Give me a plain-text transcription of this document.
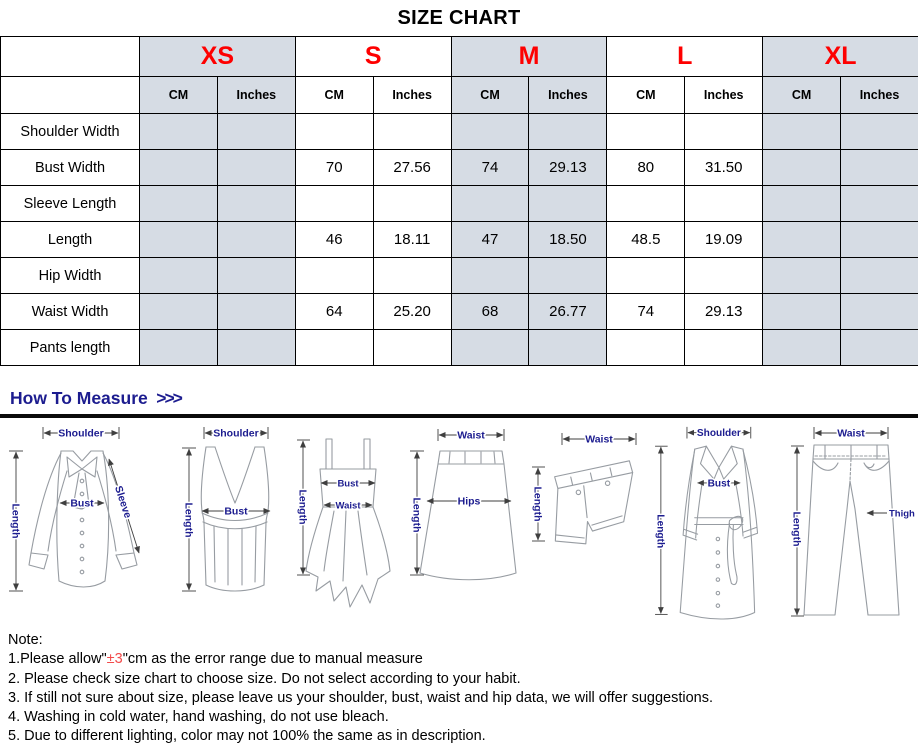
SIZE CHART
	XS		S		M		L		XL	
	CM	Inches	CM	Inches	CM	Inches	CM	Inches	CM	Inches
Shoulder Width										
Bust Width			70	27.56	74	29.13	80	31.50		
Sleeve Length										
Length			46	18.11	47	18.50	48.5	19.09		
Hip Width										
Waist Width			64	25.20	68	26.77	74	29.13		
Pants length										
How To Measure >>>
Shoulder
Length	Bust Sleeve
Shoulder
Length	Bust	Length
Bust
Waist
Waist
Length	Hips
Waist
Length
Shoulder
Length
Bust
Waist
Length	Thigh
Note:
1.Please allow"±3"cm as the error range due to manual measure
2. Please check size chart to choose size. Do not select according to your habit.
3. If still not sure about size, please leave us your shoulder, bust, waist and hip data, we will offer suggestions.
4. Washing in cold water, hand washing, do not use bleach.
5. Due to different lighting, color may not 100% the same as in description.
